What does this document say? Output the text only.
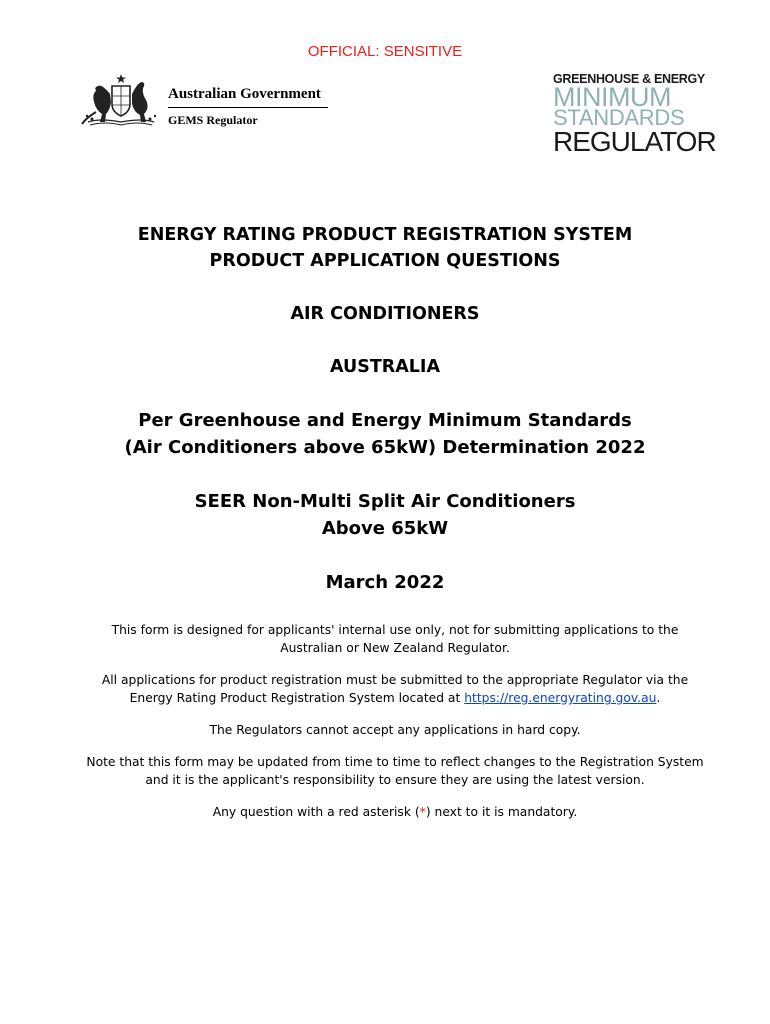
OFFICIAL: SENSITIVE
Australian Government
GEMS Regulator
GREENHOUSE & ENERGY
MINIMUM
STANDARDS
REGULATOR
ENERGY RATING PRODUCT REGISTRATION SYSTEM
PRODUCT APPLICATION QUESTIONS
AIR CONDITIONERS
AUSTRALIA
Per Greenhouse and Energy Minimum Standards
(Air Conditioners above 65kW) Determination 2022
SEER Non-Multi Split Air Conditioners
Above 65kW
March 2022

This form is designed for applicants' internal use only, not for submitting applications to the
Australian or New Zealand Regulator.

All applications for product registration must be submitted to the appropriate Regulator via the
Energy Rating Product Registration System located at https://reg.energyrating.gov.au.

The Regulators cannot accept any applications in hard copy.

Note that this form may be updated from time to time to reflect changes to the Registration System
and it is the applicant's responsibility to ensure they are using the latest version.

Any question with a red asterisk (*) next to it is mandatory.
